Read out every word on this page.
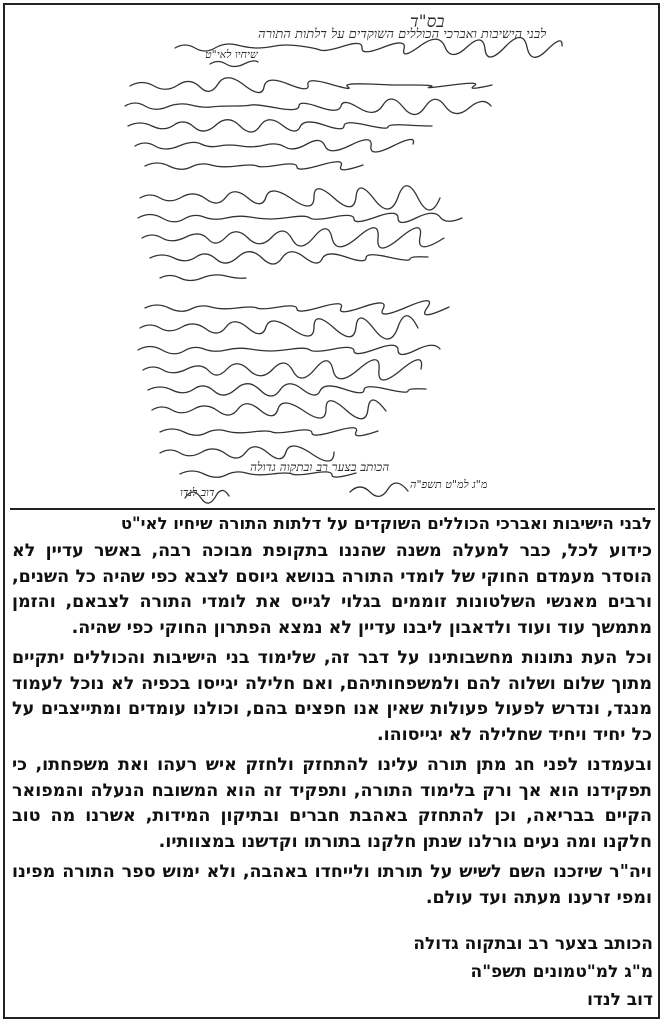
בס"ד
לבני הישיבות ואברכי הכוללים השוקדים על דלתות התורה
שיחיו לאי"ט
הכותב בצער רב ובתקוה גדולה
מ"ג למ"ט תשפ"ה
דוב לנדו
לבני הישיבות ואברכי הכוללים השוקדים על דלתות התורה שיחיו לאי"ט

כידוע לכל, כבר למעלה משנה שהננו בתקופת מבוכה רבה, באשר עדיין לא הוסדר מעמדם החוקי של לומדי התורה בנושא גיוסם לצבא כפי שהיה כל השנים, ורבים מאנשי השלטונות זוממים בגלוי לגייס את לומדי התורה לצבאם, והזמן מתמשך עוד ועוד ולדאבון ליבנו עדיין לא נמצא הפתרון החוקי כפי שהיה.

וכל העת נתונות מחשבותינו על דבר זה, שלימוד בני הישיבות והכוללים יתקיים מתוך שלום ושלוה להם ולמשפחותיהם, ואם חלילה יגייסו בכפיה לא נוכל לעמוד מנגד, ונדרש לפעול פעולות שאין אנו חפצים בהם, וכולנו עומדים ומתייצבים על כל יחיד ויחיד שחלילה לא יגייסוהו.

ובעמדנו לפני חג מתן תורה עלינו להתחזק ולחזק איש רעהו ואת משפחתו, כי תפקידנו הוא אך ורק בלימוד התורה, ותפקיד זה הוא המשובח הנעלה והמפואר הקיים בבריאה, וכן להתחזק באהבת חברים ובתיקון המידות, אשרנו מה טוב חלקנו ומה נעים גורלנו שנתן חלקנו בתורתו וקדשנו במצוותיו.

ויה"ר שיזכנו השם לשיש על תורתו ולייחדו באהבה, ולא ימוש ספר התורה מפינו ומפי זרענו מעתה ועד עולם.

הכותב בצער רב ובתקוה גדולה
מ"ג למ"טמונים תשפ"ה
דוב לנדו
